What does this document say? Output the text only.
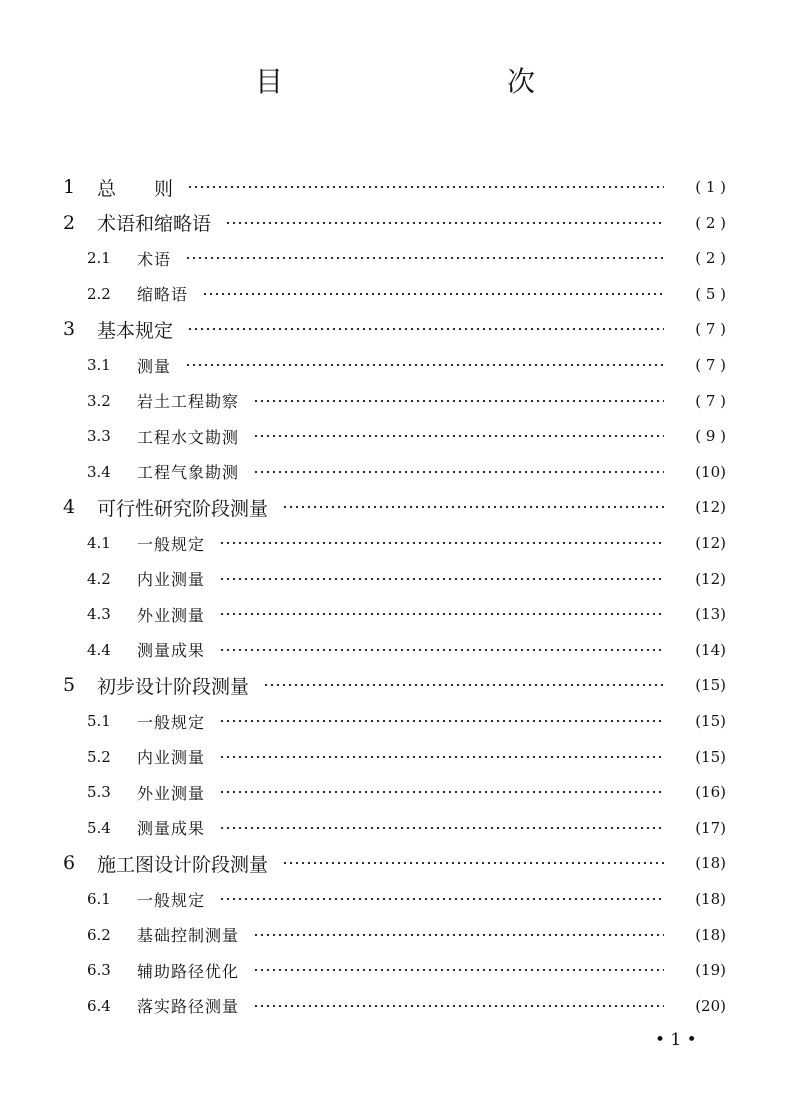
目　　次
1 总　　则	( 1 )
2 术语和缩略语	( 2 )
2.1 术语	( 2 )
2.2 缩略语	( 5 )
3 基本规定	( 7 )
3.1 测量	( 7 )
3.2 岩土工程勘察	( 7 )
3.3 工程水文勘测	( 9 )
3.4 工程气象勘测	(10)
4 可行性研究阶段测量	(12)
4.1 一般规定	(12)
4.2 内业测量	(12)
4.3 外业测量	(13)
4.4 测量成果	(14)
5 初步设计阶段测量	(15)
5.1 一般规定	(15)
5.2 内业测量	(15)
5.3 外业测量	(16)
5.4 测量成果	(17)
6 施工图设计阶段测量	(18)
6.1 一般规定	(18)
6.2 基础控制测量	(18)
6.3 辅助路径优化	(19)
6.4 落实路径测量	(20)
• 1 •
